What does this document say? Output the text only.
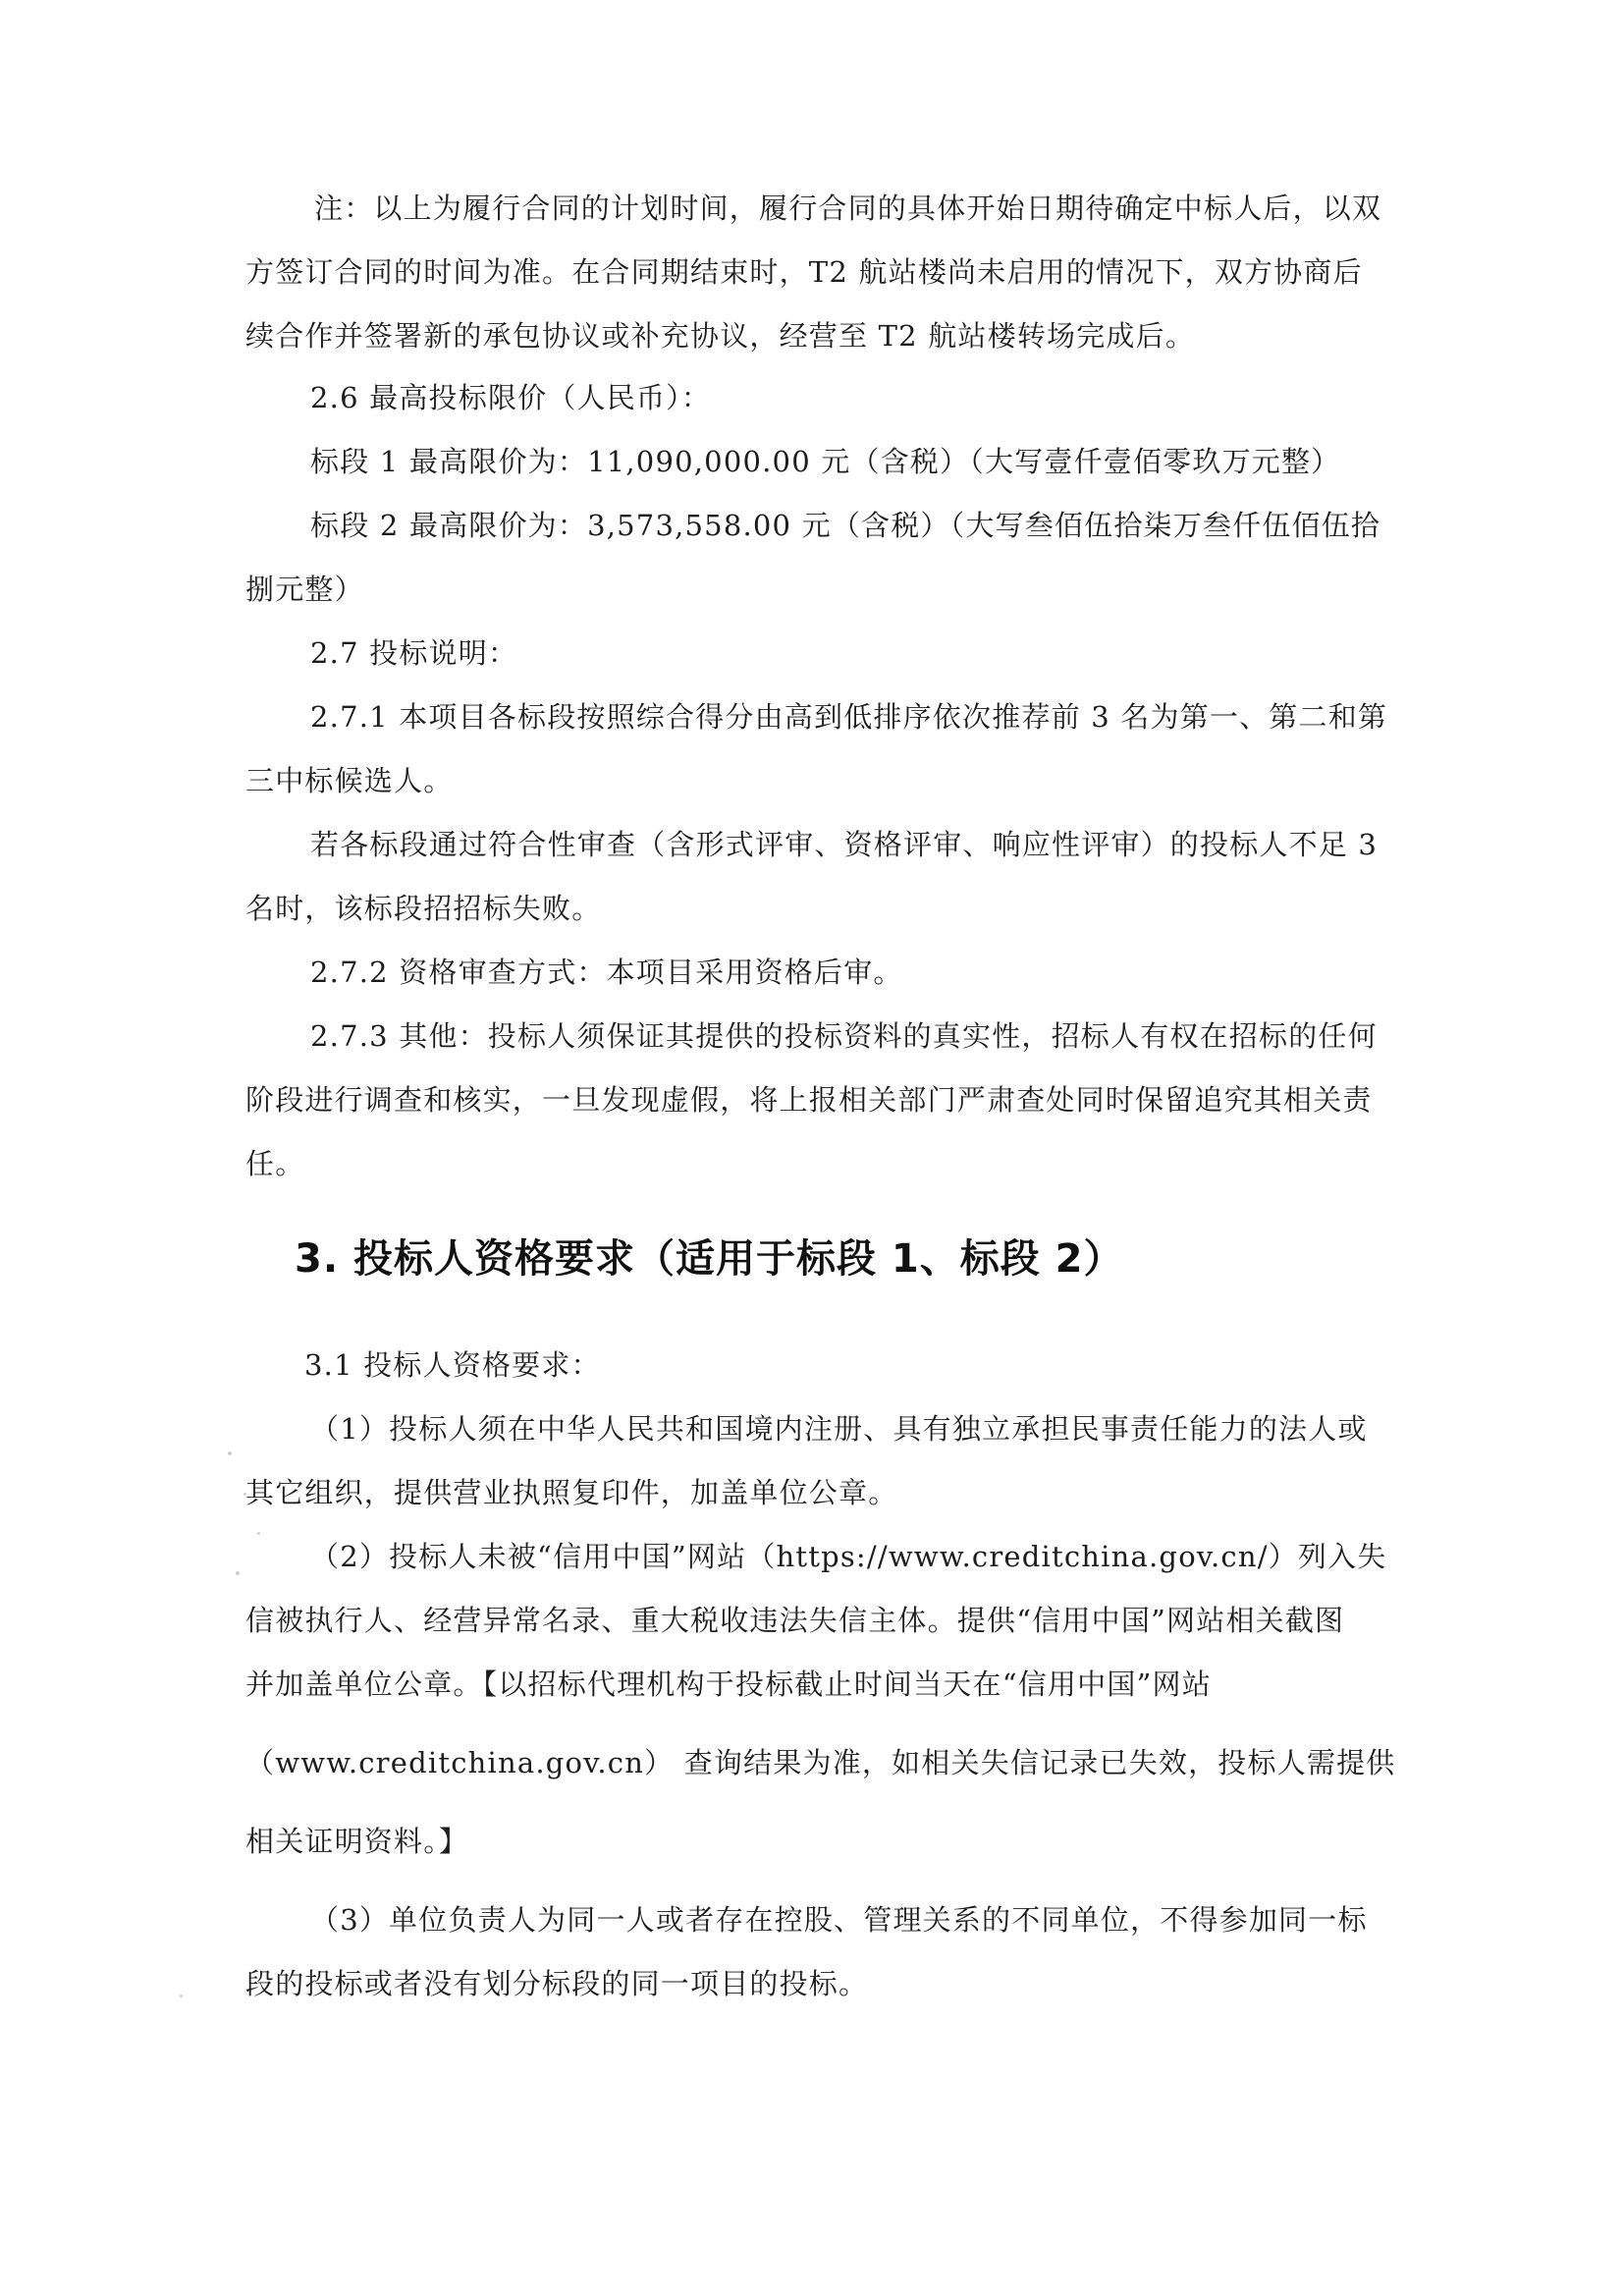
注：以上为履行合同的计划时间，履行合同的具体开始日期待确定中标人后，以双
方签订合同的时间为准。在合同期结束时，T2 航站楼尚未启用的情况下，双方协商后
续合作并签署新的承包协议或补充协议，经营至 T2 航站楼转场完成后。
2.6 最高投标限价（人民币）：
标段 1 最高限价为：11,090,000.00 元（含税）（大写壹仟壹佰零玖万元整）
标段 2 最高限价为：3,573,558.00 元（含税）（大写叁佰伍拾柒万叁仟伍佰伍拾
捌元整）
2.7 投标说明：
2.7.1 本项目各标段按照综合得分由高到低排序依次推荐前 3 名为第一、第二和第
三中标候选人。
若各标段通过符合性审查（含形式评审、资格评审、响应性评审）的投标人不足 3
名时，该标段招招标失败。
2.7.2 资格审查方式：本项目采用资格后审。
2.7.3 其他：投标人须保证其提供的投标资料的真实性，招标人有权在招标的任何
阶段进行调查和核实，一旦发现虚假，将上报相关部门严肃查处同时保留追究其相关责
任。
3. 投标人资格要求（适用于标段 1、标段 2）
3.1 投标人资格要求：
（1）投标人须在中华人民共和国境内注册、具有独立承担民事责任能力的法人或
其它组织，提供营业执照复印件，加盖单位公章。
（2）投标人未被“信用中国”网站（https://www.creditchina.gov.cn/）列入失
信被执行人、经营异常名录、重大税收违法失信主体。提供“信用中国”网站相关截图
并加盖单位公章。【以招标代理机构于投标截止时间当天在“信用中国”网站
（www.creditchina.gov.cn） 查询结果为准，如相关失信记录已失效，投标人需提供
相关证明资料。】
（3）单位负责人为同一人或者存在控股、管理关系的不同单位，不得参加同一标
段的投标或者没有划分标段的同一项目的投标。
